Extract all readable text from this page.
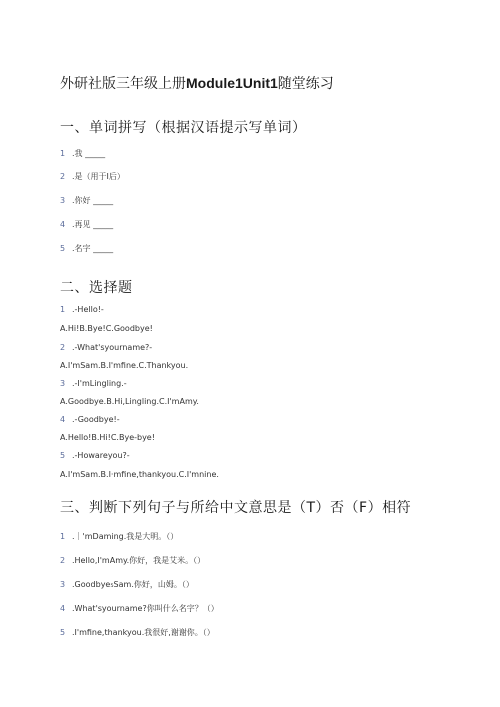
外研社版三年级上册Module1Unit1随堂练习
一、单词拼写（根据汉语提示写单词）
1 .我 _____
2 .是（用于I后）
3 .你好 _____
4 .再见 _____
5 .名字 _____
二、选择题
1 .-Hello!-
A.Hi!B.Bye!C.Goodbye!
2 .-What'syourname?-
A.I'mSam.B.I'mfine.C.Thankyou.
3 .-I'mLingling.-
A.Goodbye.B.Hi,Lingling.C.I'mAmy.
4 .-Goodbye!-
A.Hello!B.Hi!C.Bye-bye!
5 .-Howareyou?-
A.I'mSam.B.I·mfine,thankyou.C.I'mnine.
三、判断下列句子与所给中文意思是（T）否（F）相符
1 .｜'mDaming.我是大明。（）
2 .Hello,I'mAmy.你好，我是艾米。（）
3 .Goodbye₅Sam.你好，山姆。（）
4 .What'syourname?你叫什么名字？（）
5 .I'mfine,thankyou.我很好,谢谢你。（）
